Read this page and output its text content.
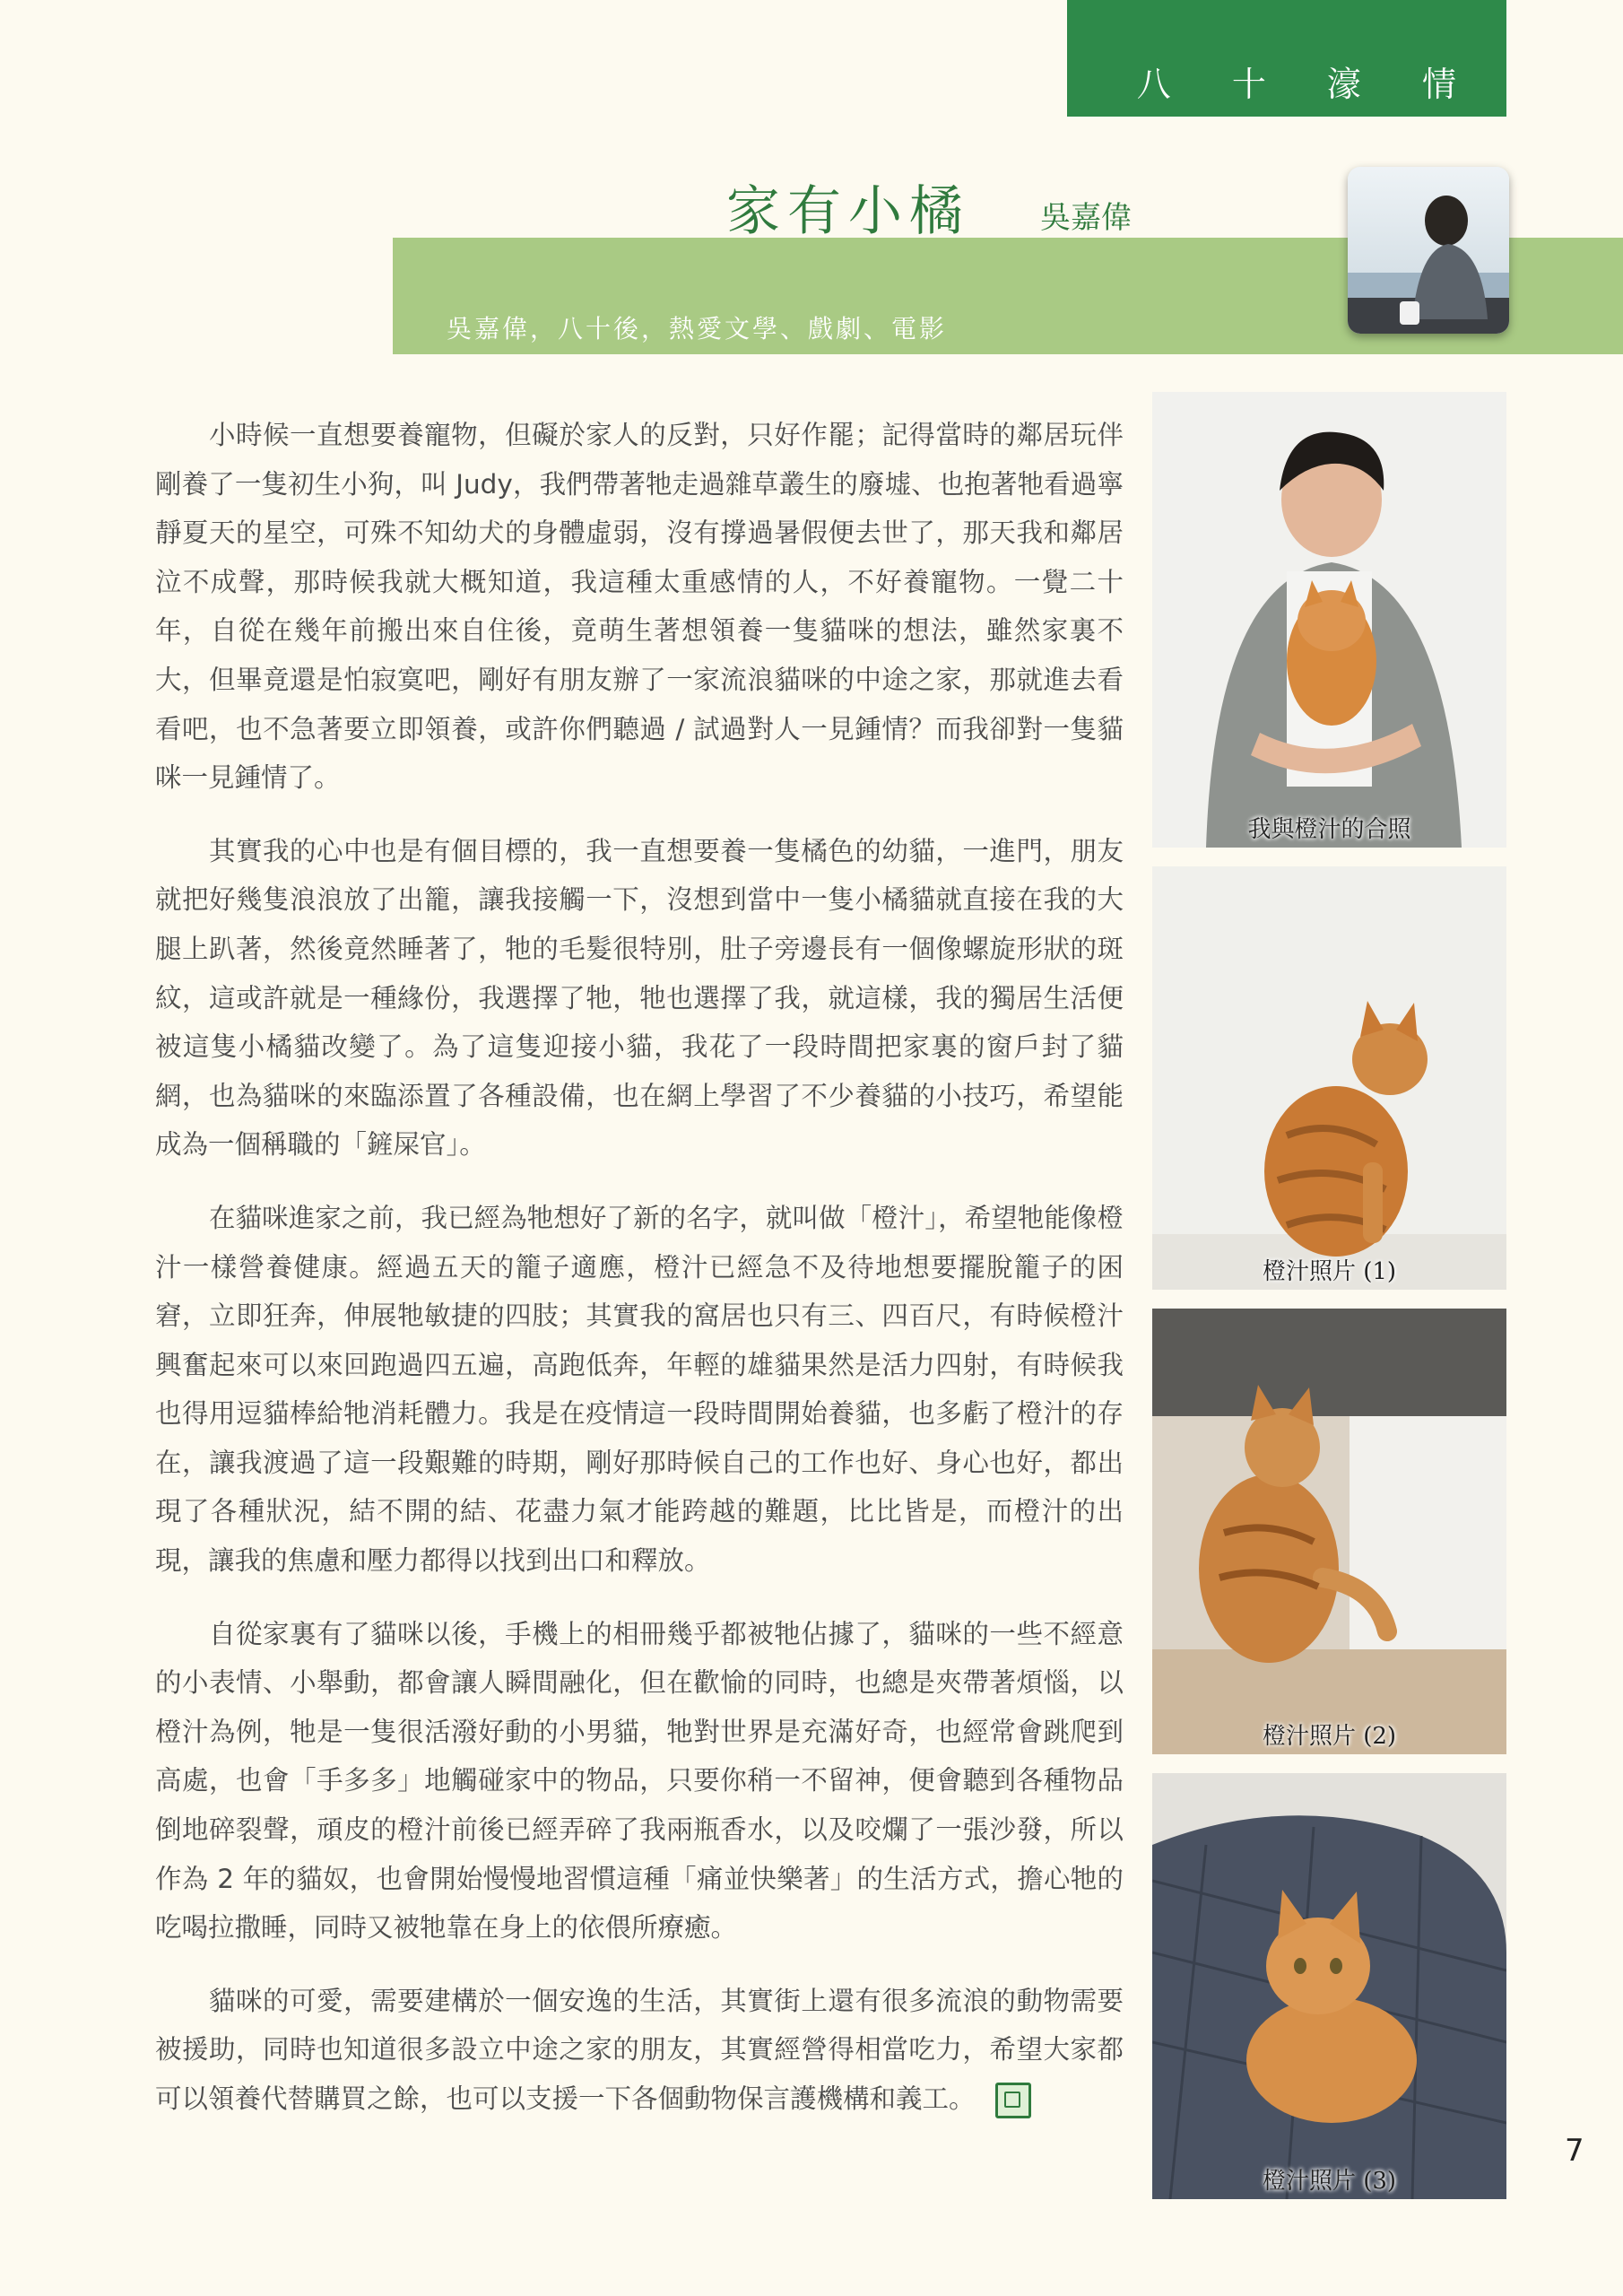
八 十 濠 情
吳嘉偉，八十後，熱愛文學、戲劇、電影
家有小橘 吳嘉偉

小時候一直想要養寵物，但礙於家人的反對，只好作罷；記得當時的鄰居玩伴剛養了一隻初生小狗，叫 Judy，我們帶著牠走過雜草叢生的廢墟、也抱著牠看過寧靜夏天的星空，可殊不知幼犬的身體虛弱，沒有撐過暑假便去世了，那天我和鄰居泣不成聲，那時候我就大概知道，我這種太重感情的人，不好養寵物。一覺二十年，自從在幾年前搬出來自住後，竟萌生著想領養一隻貓咪的想法，雖然家裏不大，但畢竟還是怕寂寞吧，剛好有朋友辦了一家流浪貓咪的中途之家，那就進去看看吧，也不急著要立即領養，或許你們聽過 / 試過對人一見鍾情？而我卻對一隻貓咪一見鍾情了。

其實我的心中也是有個目標的，我一直想要養一隻橘色的幼貓，一進門，朋友就把好幾隻浪浪放了出籠，讓我接觸一下，沒想到當中一隻小橘貓就直接在我的大腿上趴著，然後竟然睡著了，牠的毛髮很特別，肚子旁邊長有一個像螺旋形狀的斑紋，這或許就是一種緣份，我選擇了牠，牠也選擇了我，就這樣，我的獨居生活便被這隻小橘貓改變了。為了這隻迎接小貓，我花了一段時間把家裏的窗戶封了貓網，也為貓咪的來臨添置了各種設備，也在網上學習了不少養貓的小技巧，希望能成為一個稱職的「鏟屎官」。

在貓咪進家之前，我已經為牠想好了新的名字，就叫做「橙汁」，希望牠能像橙汁一樣營養健康。經過五天的籠子適應，橙汁已經急不及待地想要擺脫籠子的困窘，立即狂奔，伸展牠敏捷的四肢；其實我的窩居也只有三、四百尺，有時候橙汁興奮起來可以來回跑過四五遍，高跑低奔，年輕的雄貓果然是活力四射，有時候我也得用逗貓棒給牠消耗體力。我是在疫情這一段時間開始養貓，也多虧了橙汁的存在，讓我渡過了這一段艱難的時期，剛好那時候自己的工作也好、身心也好，都出現了各種狀況，結不開的結、花盡力氣才能跨越的難題，比比皆是，而橙汁的出現，讓我的焦慮和壓力都得以找到出口和釋放。

自從家裏有了貓咪以後，手機上的相冊幾乎都被牠佔據了，貓咪的一些不經意的小表情、小舉動，都會讓人瞬間融化，但在歡愉的同時，也總是夾帶著煩惱，以橙汁為例，牠是一隻很活潑好動的小男貓，牠對世界是充滿好奇，也經常會跳爬到高處，也會「手多多」地觸碰家中的物品，只要你稍一不留神，便會聽到各種物品倒地碎裂聲，頑皮的橙汁前後已經弄碎了我兩瓶香水，以及咬爛了一張沙發，所以作為 2 年的貓奴，也會開始慢慢地習慣這種「痛並快樂著」的生活方式，擔心牠的吃喝拉撒睡，同時又被牠靠在身上的依偎所療癒。

貓咪的可愛，需要建構於一個安逸的生活，其實街上還有很多流浪的動物需要被援助，同時也知道很多設立中途之家的朋友，其實經營得相當吃力，希望大家都可以領養代替購買之餘，也可以支援一下各個動物保言護機構和義工。

我與橙汁的合照
橙汁照片 (1)
橙汁照片 (2)
橙汁照片 (3)
7
